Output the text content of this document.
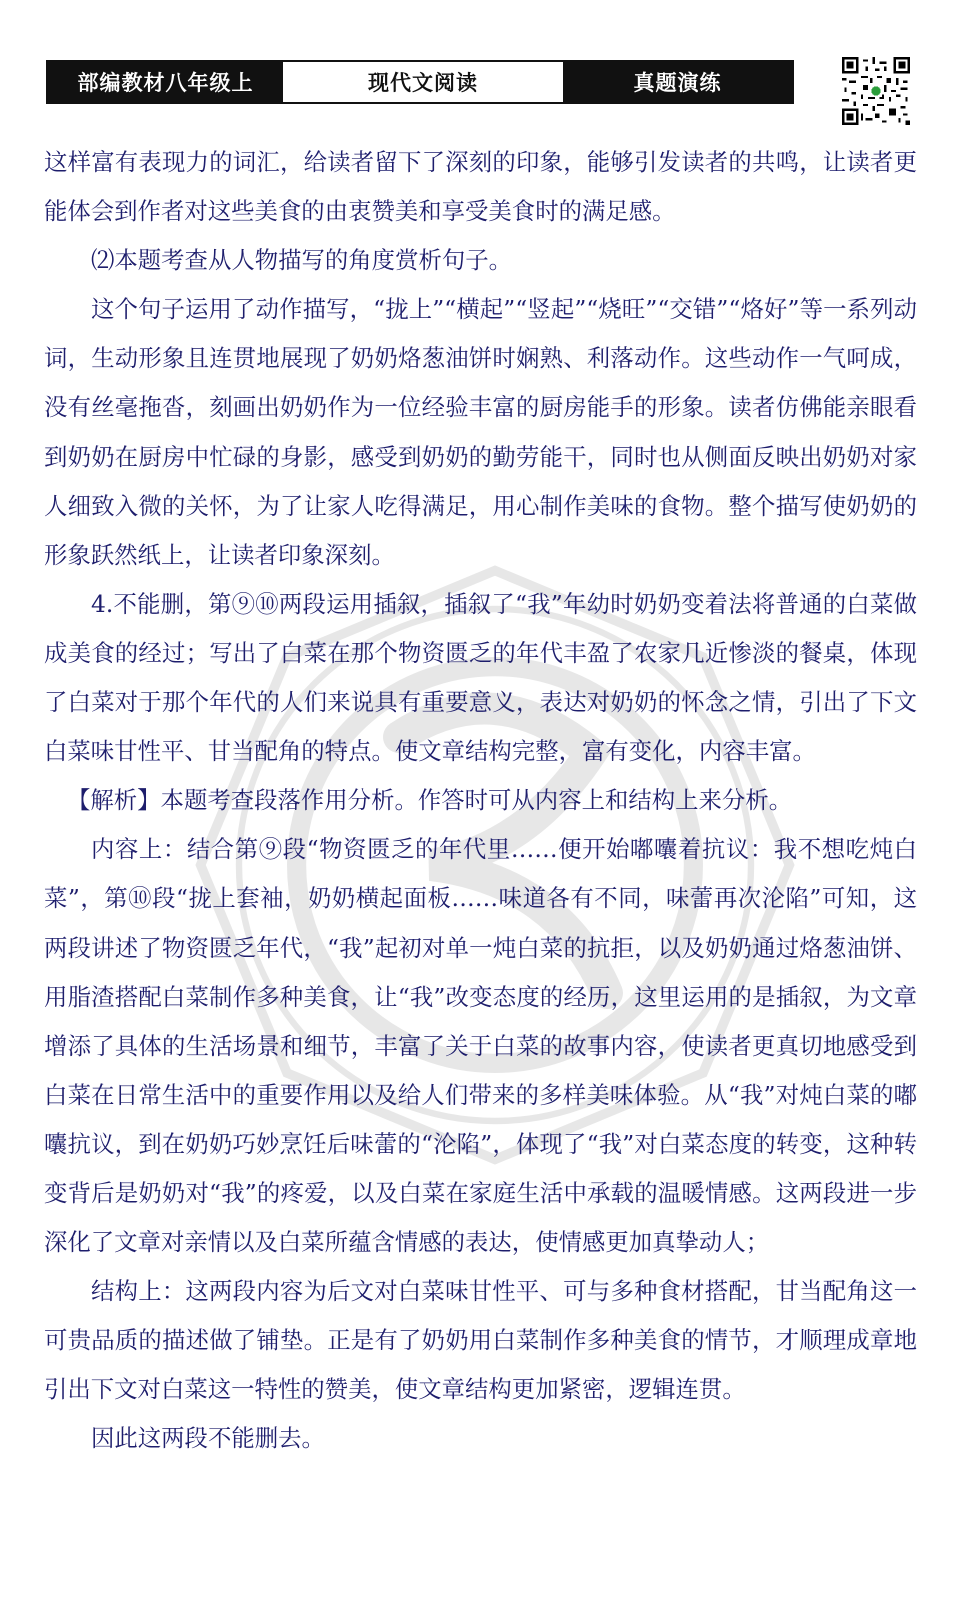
部编教材八年级上	现代文阅读	真题演练

这样富有表现力的词汇，给读者留下了深刻的印象，能够引发读者的共鸣，让读者更能体会到作者对这些美食的由衷赞美和享受美食时的满足感。

⑵本题考查从人物描写的角度赏析句子。

这个句子运用了动作描写，“拢上”“横起”“竖起”“烧旺”“交错”“烙好”等一系列动词，生动形象且连贯地展现了奶奶烙葱油饼时娴熟、利落动作。这些动作一气呵成，没有丝毫拖沓，刻画出奶奶作为一位经验丰富的厨房能手的形象。读者仿佛能亲眼看到奶奶在厨房中忙碌的身影，感受到奶奶的勤劳能干，同时也从侧面反映出奶奶对家人细致入微的关怀，为了让家人吃得满足，用心制作美味的食物。整个描写使奶奶的形象跃然纸上，让读者印象深刻。

4.不能删，第⑨⑩两段运用插叙，插叙了“我”年幼时奶奶变着法将普通的白菜做成美食的经过；写出了白菜在那个物资匮乏的年代丰盈了农家几近惨淡的餐桌，体现了白菜对于那个年代的人们来说具有重要意义，表达对奶奶的怀念之情，引出了下文白菜味甘性平、甘当配角的特点。使文章结构完整，富有变化，内容丰富。

【解析】本题考查段落作用分析。作答时可从内容上和结构上来分析。

内容上：结合第⑨段“物资匮乏的年代里……便开始嘟囔着抗议：我不想吃炖白菜”，第⑩段“拢上套袖，奶奶横起面板……味道各有不同，味蕾再次沦陷”可知，这两段讲述了物资匮乏年代，“我”起初对单一炖白菜的抗拒，以及奶奶通过烙葱油饼、用脂渣搭配白菜制作多种美食，让“我”改变态度的经历，这里运用的是插叙，为文章增添了具体的生活场景和细节，丰富了关于白菜的故事内容，使读者更真切地感受到白菜在日常生活中的重要作用以及给人们带来的多样美味体验。从“我”对炖白菜的嘟囔抗议，到在奶奶巧妙烹饪后味蕾的“沦陷”，体现了“我”对白菜态度的转变，这种转变背后是奶奶对“我”的疼爱，以及白菜在家庭生活中承载的温暖情感。这两段进一步深化了文章对亲情以及白菜所蕴含情感的表达，使情感更加真挚动人；

结构上：这两段内容为后文对白菜味甘性平、可与多种食材搭配，甘当配角这一可贵品质的描述做了铺垫。正是有了奶奶用白菜制作多种美食的情节，才顺理成章地引出下文对白菜这一特性的赞美，使文章结构更加紧密，逻辑连贯。

因此这两段不能删去。
